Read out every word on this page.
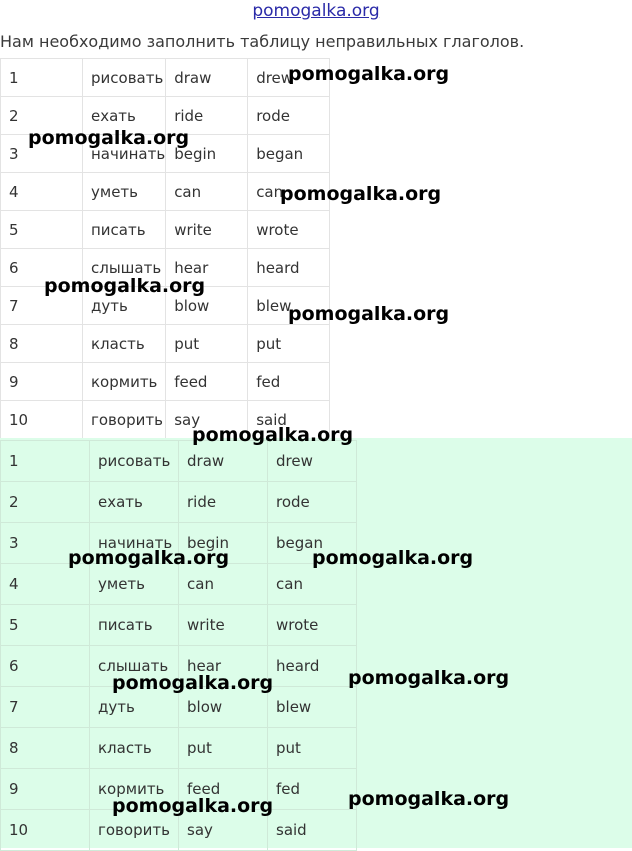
pomogalka.org
Нам необходимо заполнить таблицу неправильных глаголов.
1	рисовать	draw	drew
2	ехать	ride	rode
3	начинать	begin	began
4	уметь	can	can
5	писать	write	wrote
6	слышать	hear	heard
7	дуть	blow	blew
8	класть	put	put
9	кормить	feed	fed
10	говорить	say	said
1	рисовать	draw	drew
2	ехать	ride	rode
3	начинать	begin	began
4	уметь	can	can
5	писать	write	wrote
6	слышать	hear	heard
7	дуть	blow	blew
8	класть	put	put
9	кормить	feed	fed
10	говорить	say	said
pomogalka.org
pomogalka.org
pomogalka.org
pomogalka.org
pomogalka.org
pomogalka.org
pomogalka.org	pomogalka.org
pomogalka.org	pomogalka.org
pomogalka.org
pomogalka.org
